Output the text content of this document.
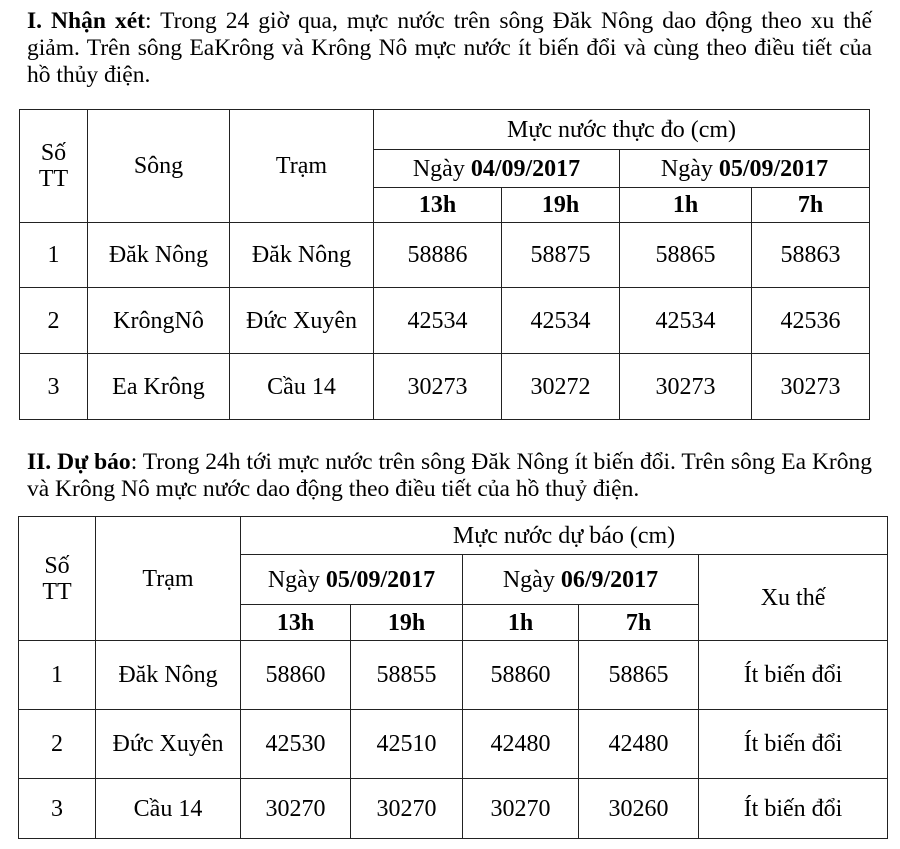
I. Nhận xét: Trong 24 giờ qua, mực nước trên sông Đăk Nông dao động theo xu thế giảm. Trên sông EaKrông và Krông Nô mực nước ít biến đổi và cùng theo điều tiết của hồ thủy điện.

Số TT	Sông	Trạm	Mực nước thực đo (cm)			
			Ngày 04/09/2017		Ngày 05/09/2017	
			13h	19h	1h	7h
1	Đăk Nông	Đăk Nông	58886	58875	58865	58863
2	KrôngNô	Đức Xuyên	42534	42534	42534	42536
3	Ea Krông	Cầu 14	30273	30272	30273	30273

II. Dự báo: Trong 24h tới mực nước trên sông Đăk Nông ít biến đổi. Trên sông Ea Krông và Krông Nô mực nước dao động theo điều tiết của hồ thuỷ điện.

Số TT	Trạm	Mực nước dự báo (cm)				
		Ngày 05/09/2017		Ngày 06/9/2017		Xu thế
		13h	19h	1h	7h	
1	Đăk Nông	58860	58855	58860	58865	Ít biến đổi
2	Đức Xuyên	42530	42510	42480	42480	Ít biến đổi
3	Cầu 14	30270	30270	30270	30260	Ít biến đổi
